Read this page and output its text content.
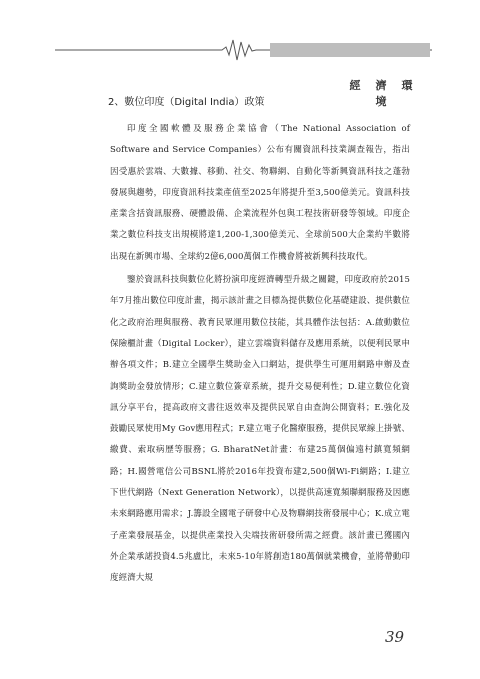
經　濟　環　境
2、數位印度（Digital India）政策

印度全國軟體及服務企業協會（The National Association of Software and Service Companies）公布有關資訊科技業調查報告，指出因受惠於雲端、大數據、移動、社交、物聯網、自動化等新興資訊科技之蓬勃發展與趨勢，印度資訊科技業產值至2025年將提升至3,500億美元。資訊科技產業含括資訊服務、硬體設備、企業流程外包與工程技術研發等領域。印度企業之數位科技支出規模將達1,200-1,300億美元、全球前500大企業約半數將出現在新興市場、全球約2億6,000萬個工作機會將被新興科技取代。

鑒於資訊科技與數位化將扮演印度經濟轉型升級之關鍵，印度政府於2015年7月推出數位印度計畫，揭示該計畫之目標為提供數位化基礎建設、提供數位化之政府治理與服務、教育民眾運用數位技能，其具體作法包括：A.啟動數位保險櫃計畫（Digital Locker），建立雲端資料儲存及應用系統，以便利民眾申辦各項文件；B.建立全國學生獎助金入口網站，提供學生可運用網路申辦及查詢獎助金發放情形；C.建立數位簽章系統，提升交易便利性；D.建立數位化資訊分享平台，提高政府文書往返效率及提供民眾自由查詢公開資料；E.強化及鼓勵民眾使用My Gov應用程式；F.建立電子化醫療服務，提供民眾線上掛號、繳費、索取病歷等服務；G. BharatNet計畫：布建25萬個偏遠村鎮寬頻網路；H.國營電信公司BSNL將於2016年投資布建2,500個Wi-Fi網路；I.建立下世代網路（Next Generation Network），以提供高速寬頻聯網服務及因應未來網路應用需求；J.籌設全國電子研發中心及物聯網技術發展中心；K.成立電子產業發展基金，以提供產業投入尖端技術研發所需之經費。該計畫已獲國內外企業承諾投資4.5兆盧比，未來5-10年將創造180萬個就業機會，並將帶動印度經濟大規

39
